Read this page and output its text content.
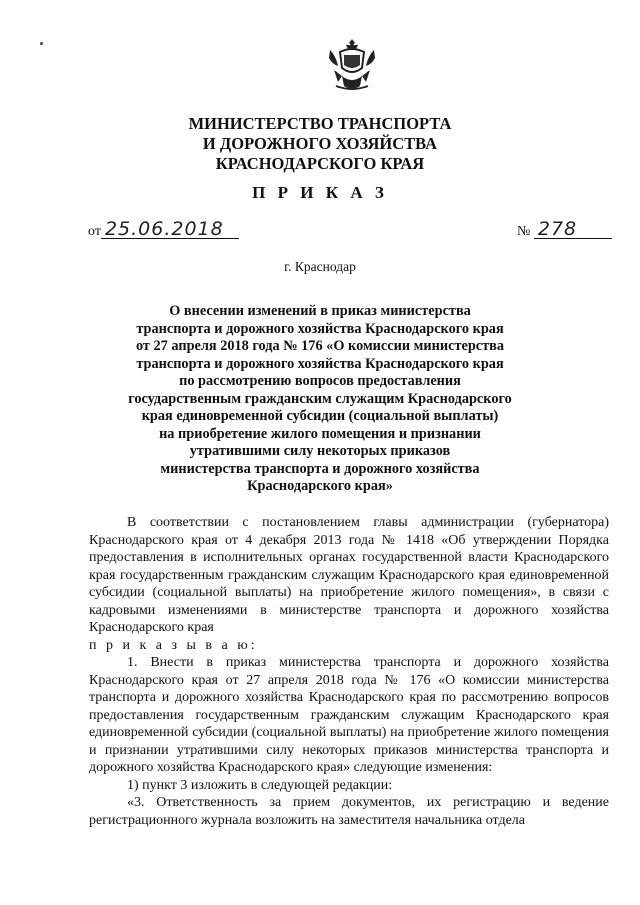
МИНИСТЕРСТВО ТРАНСПОРТА
И ДОРОЖНОГО ХОЗЯЙСТВА
КРАСНОДАРСКОГО КРАЯ
П Р И К А З
от 25.06.2018	№ 278
г. Краснодар
О внесении изменений в приказ министерства
транспорта и дорожного хозяйства Краснодарского края
от 27 апреля 2018 года № 176 «О комиссии министерства
транспорта и дорожного хозяйства Краснодарского края
по рассмотрению вопросов предоставления
государственным гражданским служащим Краснодарского
края единовременной субсидии (социальной выплаты)
на приобретение жилого помещения и признании
утратившими силу некоторых приказов
министерства транспорта и дорожного хозяйства
Краснодарского края»

В соответствии с постановлением главы администрации (губернатора) Краснодарского края от 4 декабря 2013 года № 1418 «Об утверждении Порядка предоставления в исполнительных органах государственной власти Краснодарского края государственным гражданским служащим Краснодарского края единовременной субсидии (социальной выплаты) на приобретение жилого помещения», в связи с кадровыми изменениями в министерстве транспорта и дорожного хозяйства Краснодарского края

п р и к а з ы в а ю:

1. Внести в приказ министерства транспорта и дорожного хозяйства Краснодарского края от 27 апреля 2018 года № 176 «О комиссии министерства транспорта и дорожного хозяйства Краснодарского края по рассмотрению вопросов предоставления государственным гражданским служащим Краснодарского края единовременной субсидии (социальной выплаты) на приобретение жилого помещения и признании утратившими силу некоторых приказов министерства транспорта и дорожного хозяйства Краснодарского края» следующие изменения:

1) пункт 3 изложить в следующей редакции:

«3. Ответственность за прием документов, их регистрацию и ведение регистрационного журнала возложить на заместителя начальника отдела
